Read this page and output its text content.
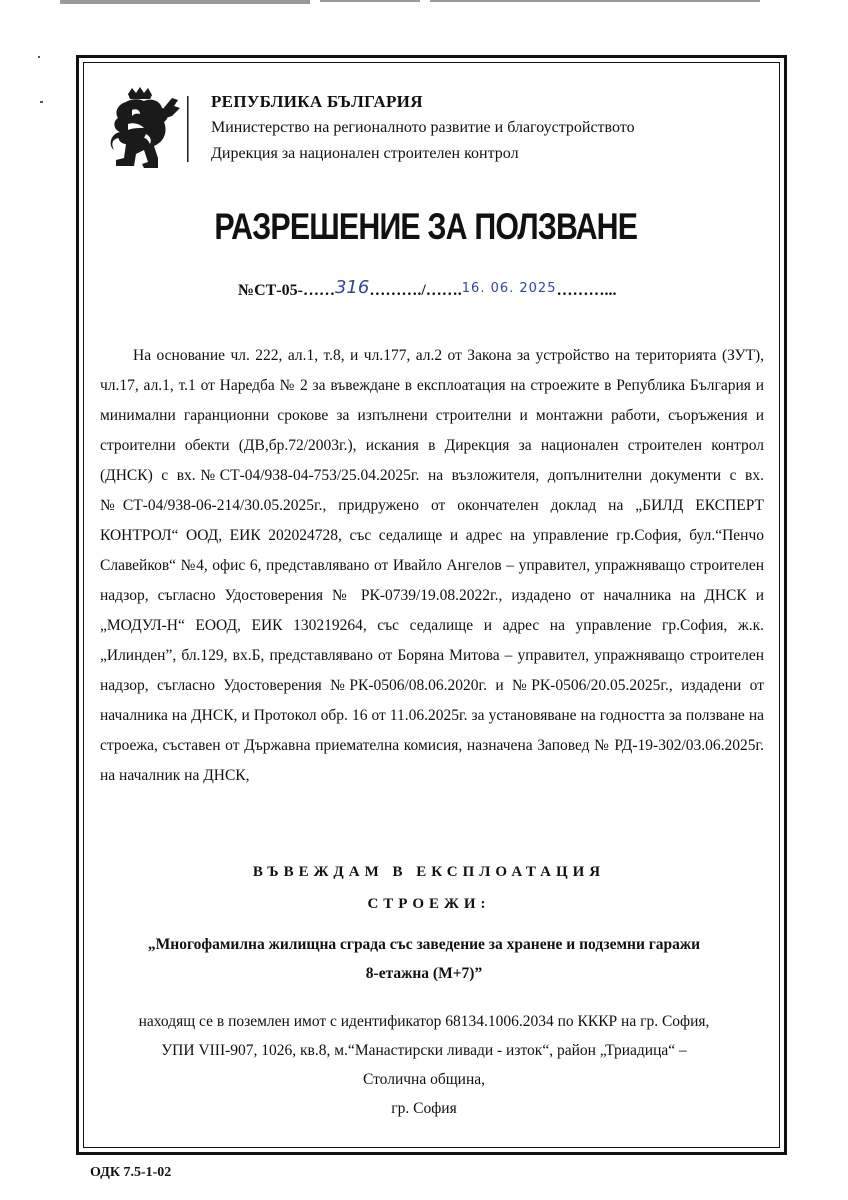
РЕПУБЛИКА БЪЛГАРИЯ
Министерство на регионалното развитие и благоустройството
Дирекция за национален строителен контрол
РАЗРЕШЕНИЕ ЗА ПОЛЗВАНЕ
№СТ-05-……316………./…….16. 06. 2025………...

На основание чл. 222, ал.1, т.8, и чл.177, ал.2 от Закона за устройство на територията (ЗУТ), чл.17, ал.1, т.1 от Наредба № 2 за въвеждане в експлоатация на строежите в Република България и минимални гаранционни срокове за изпълнени строителни и монтажни работи, съоръжения и строителни обекти (ДВ,бр.72/2003г.), искания в Дирекция за национален строителен контрол (ДНСК) с вх.№СТ-04/938-04-753/25.04.2025г. на възложителя, допълнителни документи с вх.№СТ-04/938-06-214/30.05.2025г., придружено от окончателен доклад на „БИЛД ЕКСПЕРТ КОНТРОЛ“ ООД, ЕИК 202024728, със седалище и адрес на управление гр.София, бул.“Пенчо Славейков“ №4, офис 6, представлявано от Ивайло Ангелов – управител, упражняващо строителен надзор, съгласно Удостоверения № РК-0739/19.08.2022г., издадено от началника на ДНСК и „МОДУЛ-Н“ ЕООД, ЕИК 130219264, със седалище и адрес на управление гр.София, ж.к. „Илинден”, бл.129, вх.Б, представлявано от Боряна Митова – управител, упражняващо строителен надзор, съгласно Удостоверения №РК-0506/08.06.2020г. и №РК-0506/20.05.2025г., издадени от началника на ДНСК, и Протокол обр. 16 от 11.06.2025г. за установяване на годността за ползване на строежа, съставен от Държавна приемателна комисия, назначена Заповед № РД-19-302/03.06.2025г. на началник на ДНСК,

ВЪВЕЖДАМ В ЕКСПЛОАТАЦИЯ
СТРОЕЖИ:
„Многофамилна жилищна сграда със заведение за хранене и подземни гаражи
8-етажна (М+7)”
находящ се в поземлен имот с идентификатор 68134.1006.2034 по КККР на гр. София,
УПИ VIII-907, 1026, кв.8, м.“Манастирски ливади - изток“, район „Триадица“ –
Столична община,
гр. София
ОДК 7.5-1-02
